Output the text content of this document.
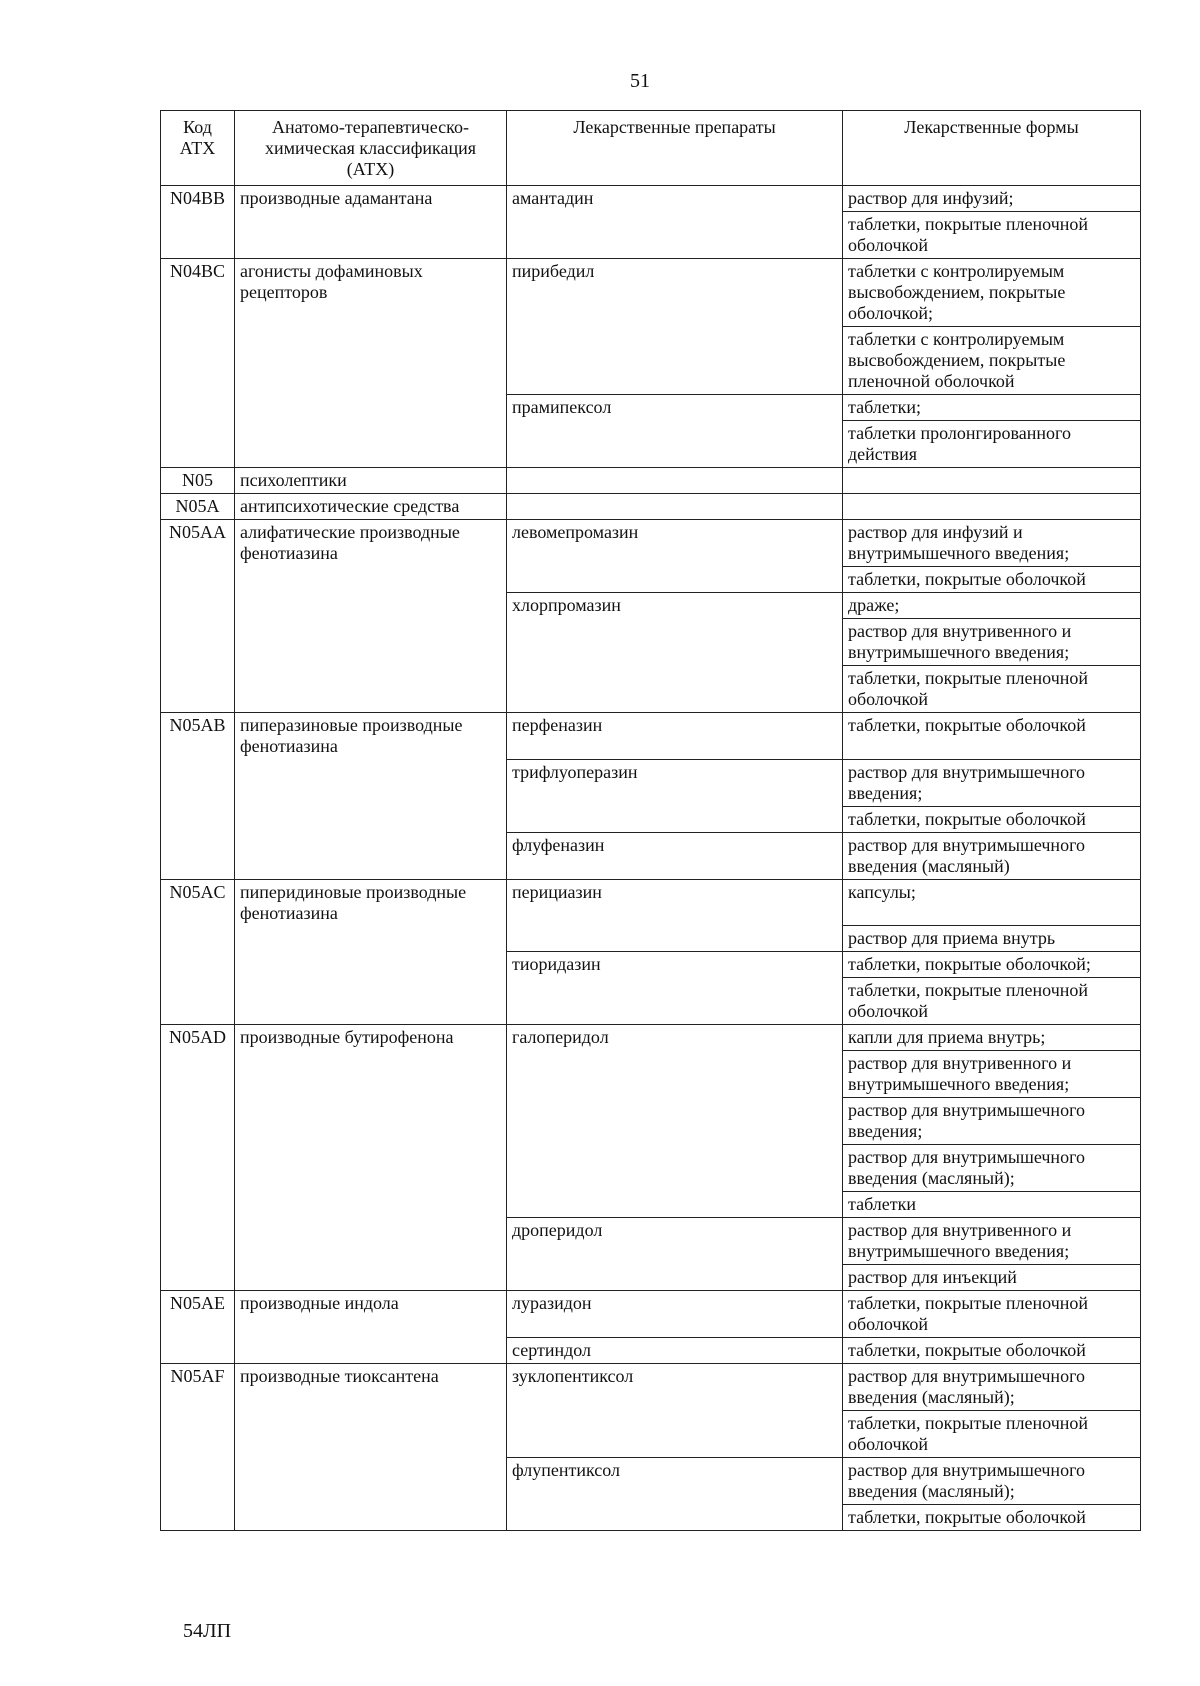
51
Код АТХ	Анатомо-терапевтическо-химическая классификация (АТХ)	Лекарственные препараты	Лекарственные формы
N04BB	производные адамантана	амантадин	раствор для инфузий;
			таблетки, покрытые пленочной оболочкой
N04BC	агонисты дофаминовых рецепторов	пирибедил	таблетки с контролируемым высвобождением, покрытые оболочкой;
			таблетки с контролируемым высвобождением, покрытые пленочной оболочкой
		прамипексол	таблетки;
			таблетки пролонгированного действия
N05	психолептики		
N05A	антипсихотические средства		
N05AA	алифатические производные фенотиазина	левомепромазин	раствор для инфузий и внутримышечного введения;
			таблетки, покрытые оболочкой
		хлорпромазин	драже;
			раствор для внутривенного и внутримышечного введения;
			таблетки, покрытые пленочной оболочкой
N05AB	пиперазиновые производные фенотиазина	перфеназин	таблетки, покрытые оболочкой
		трифлуоперазин	раствор для внутримышечного введения;
			таблетки, покрытые оболочкой
		флуфеназин	раствор для внутримышечного введения (масляный)
N05AC	пиперидиновые производные фенотиазина	перициазин	капсулы;
			раствор для приема внутрь
		тиоридазин	таблетки, покрытые оболочкой;
			таблетки, покрытые пленочной оболочкой
N05AD	производные бутирофенона	галоперидол	капли для приема внутрь;
			раствор для внутривенного и внутримышечного введения;
			раствор для внутримышечного введения;
			раствор для внутримышечного введения (масляный);
			таблетки
		дроперидол	раствор для внутривенного и внутримышечного введения;
			раствор для инъекций
N05AE	производные индола	луразидон	таблетки, покрытые пленочной оболочкой
		сертиндол	таблетки, покрытые оболочкой
N05AF	производные тиоксантена	зуклопентиксол	раствор для внутримышечного введения (масляный);
			таблетки, покрытые пленочной оболочкой
		флупентиксол	раствор для внутримышечного введения (масляный);
			таблетки, покрытые оболочкой
54ЛП
